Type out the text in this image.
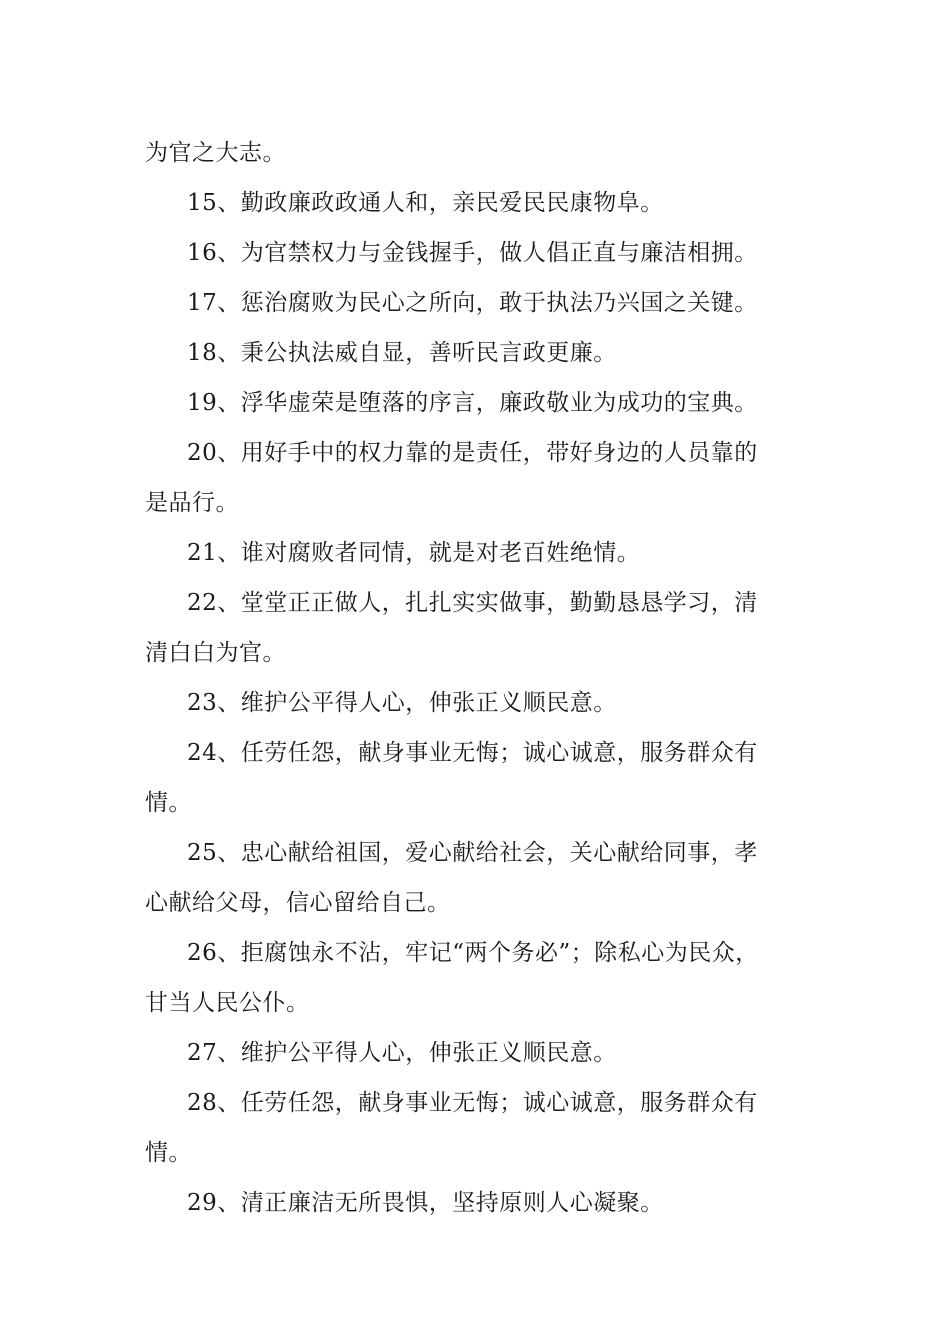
为官之大志。
15、勤政廉政政通人和，亲民爱民民康物阜。
16、为官禁权力与金钱握手，做人倡正直与廉洁相拥。
17、惩治腐败为民心之所向，敢于执法乃兴国之关键。
18、秉公执法威自显，善听民言政更廉。
19、浮华虚荣是堕落的序言，廉政敬业为成功的宝典。
20、用好手中的权力靠的是责任，带好身边的人员靠的
是品行。
21、谁对腐败者同情，就是对老百姓绝情。
22、堂堂正正做人，扎扎实实做事，勤勤恳恳学习，清
清白白为官。
23、维护公平得人心，伸张正义顺民意。
24、任劳任怨，献身事业无悔；诚心诚意，服务群众有
情。
25、忠心献给祖国，爱心献给社会，关心献给同事，孝
心献给父母，信心留给自己。
26、拒腐蚀永不沾，牢记“两个务必”；除私心为民众，
甘当人民公仆。
27、维护公平得人心，伸张正义顺民意。
28、任劳任怨，献身事业无悔；诚心诚意，服务群众有
情。
29、清正廉洁无所畏惧，坚持原则人心凝聚。
